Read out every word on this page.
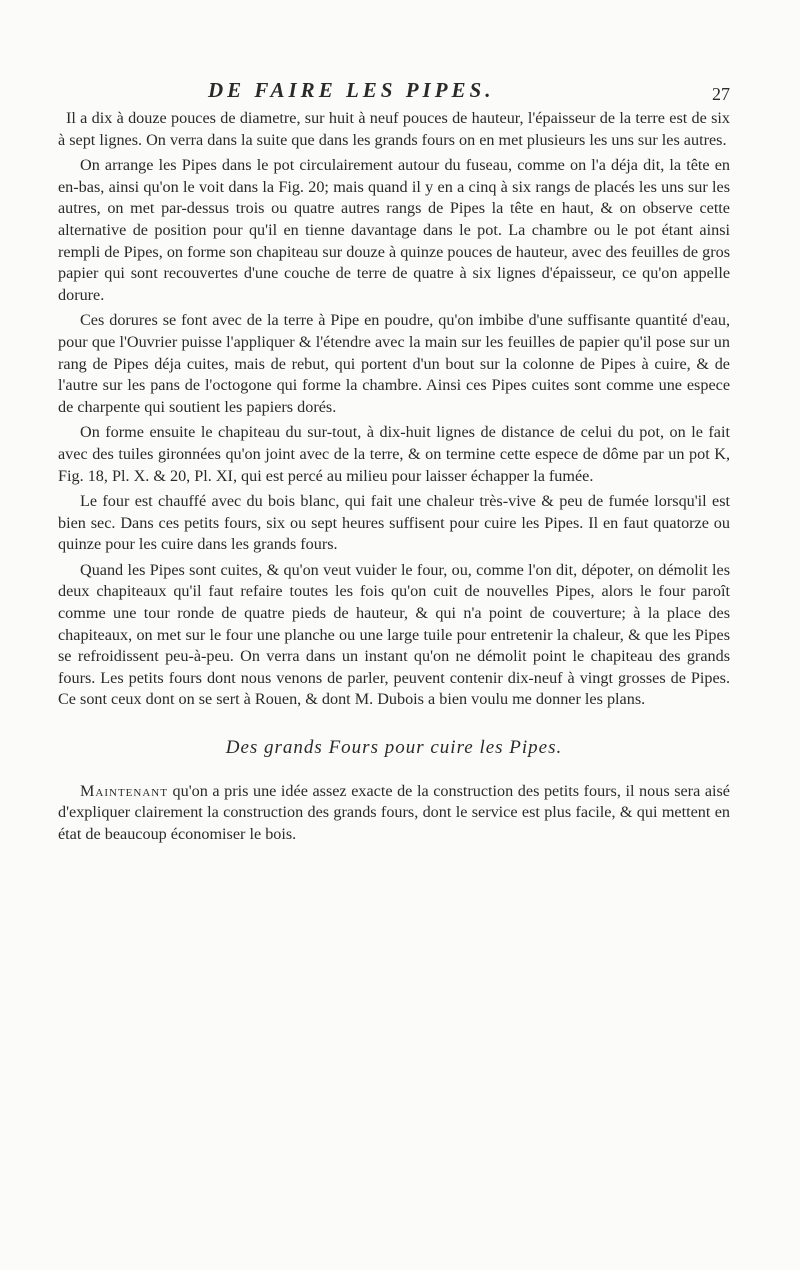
DE FAIRE LES PIPES.	27

Il a dix à douze pouces de diametre, sur huit à neuf pouces de hauteur, l'épaisseur de la terre est de six à sept lignes. On verra dans la suite que dans les grands fours on en met plusieurs les uns sur les autres.

On arrange les Pipes dans le pot circulairement autour du fuseau, comme on l'a déja dit, la tête en en-bas, ainsi qu'on le voit dans la Fig. 20; mais quand il y en a cinq à six rangs de placés les uns sur les autres, on met par-dessus trois ou quatre autres rangs de Pipes la tête en haut, & on observe cette alternative de position pour qu'il en tienne davantage dans le pot. La chambre ou le pot étant ainsi rempli de Pipes, on forme son chapiteau sur douze à quinze pouces de hauteur, avec des feuilles de gros papier qui sont recouvertes d'une couche de terre de quatre à six lignes d'épaisseur, ce qu'on appelle dorure.

Ces dorures se font avec de la terre à Pipe en poudre, qu'on imbibe d'une suffisante quantité d'eau, pour que l'Ouvrier puisse l'appliquer & l'étendre avec la main sur les feuilles de papier qu'il pose sur un rang de Pipes déja cuites, mais de rebut, qui portent d'un bout sur la colonne de Pipes à cuire, & de l'autre sur les pans de l'octogone qui forme la chambre. Ainsi ces Pipes cuites sont comme une espece de charpente qui soutient les papiers dorés.

On forme ensuite le chapiteau du sur-tout, à dix-huit lignes de distance de celui du pot, on le fait avec des tuiles gironnées qu'on joint avec de la terre, & on termine cette espece de dôme par un pot K, Fig. 18, Pl. X. & 20, Pl. XI, qui est percé au milieu pour laisser échapper la fumée.

Le four est chauffé avec du bois blanc, qui fait une chaleur très-vive & peu de fumée lorsqu'il est bien sec. Dans ces petits fours, six ou sept heures suffisent pour cuire les Pipes. Il en faut quatorze ou quinze pour les cuire dans les grands fours.

Quand les Pipes sont cuites, & qu'on veut vuider le four, ou, comme l'on dit, dépoter, on démolit les deux chapiteaux qu'il faut refaire toutes les fois qu'on cuit de nouvelles Pipes, alors le four paroît comme une tour ronde de quatre pieds de hauteur, & qui n'a point de couverture; à la place des chapiteaux, on met sur le four une planche ou une large tuile pour entretenir la chaleur, & que les Pipes se refroidissent peu-à-peu. On verra dans un instant qu'on ne démolit point le chapiteau des grands fours. Les petits fours dont nous venons de parler, peuvent contenir dix-neuf à vingt grosses de Pipes. Ce sont ceux dont on se sert à Rouen, & dont M. Dubois a bien voulu me donner les plans.

Des grands Fours pour cuire les Pipes.

Maintenant qu'on a pris une idée assez exacte de la construction des petits fours, il nous sera aisé d'expliquer clairement la construction des grands fours, dont le service est plus facile, & qui mettent en état de beaucoup économiser le bois.
